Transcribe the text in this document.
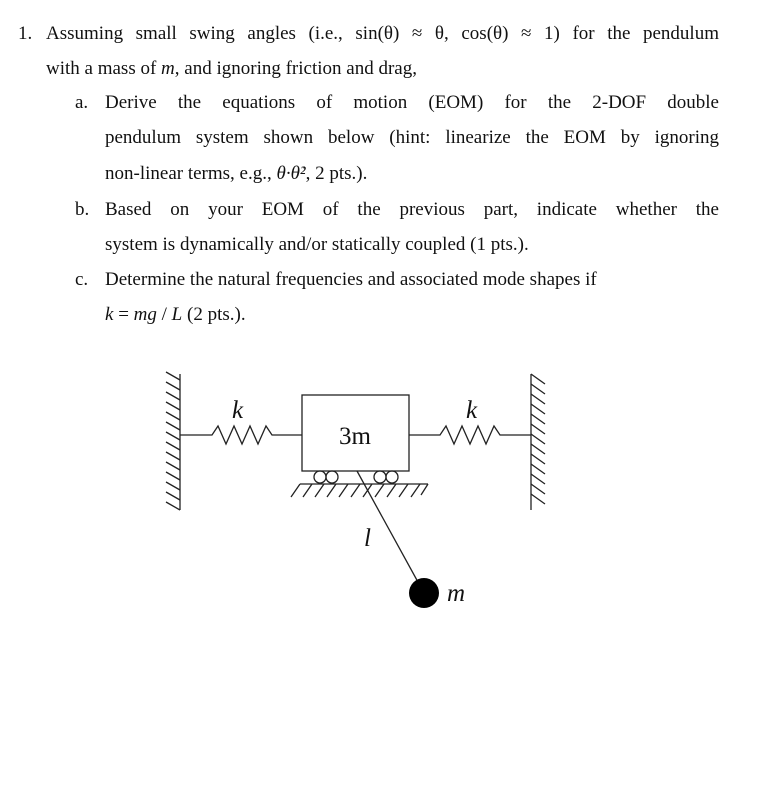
1. Assuming small swing angles (i.e., sin(θ) ≈ θ, cos(θ) ≈ 1) for the pendulum
with a mass of m, and ignoring friction and drag,
a. Derive the equations of motion (EOM) for the 2-DOF double
pendulum system shown below (hint: linearize the EOM by ignoring
non-linear terms, e.g., θ·θ̇², 2 pts.).
b. Based on your EOM of the previous part, indicate whether the
system is dynamically and/or statically coupled (1 pts.).
c. Determine the natural frequencies and associated mode shapes if
k = mg / L (2 pts.).
k	k
3m
l
m
